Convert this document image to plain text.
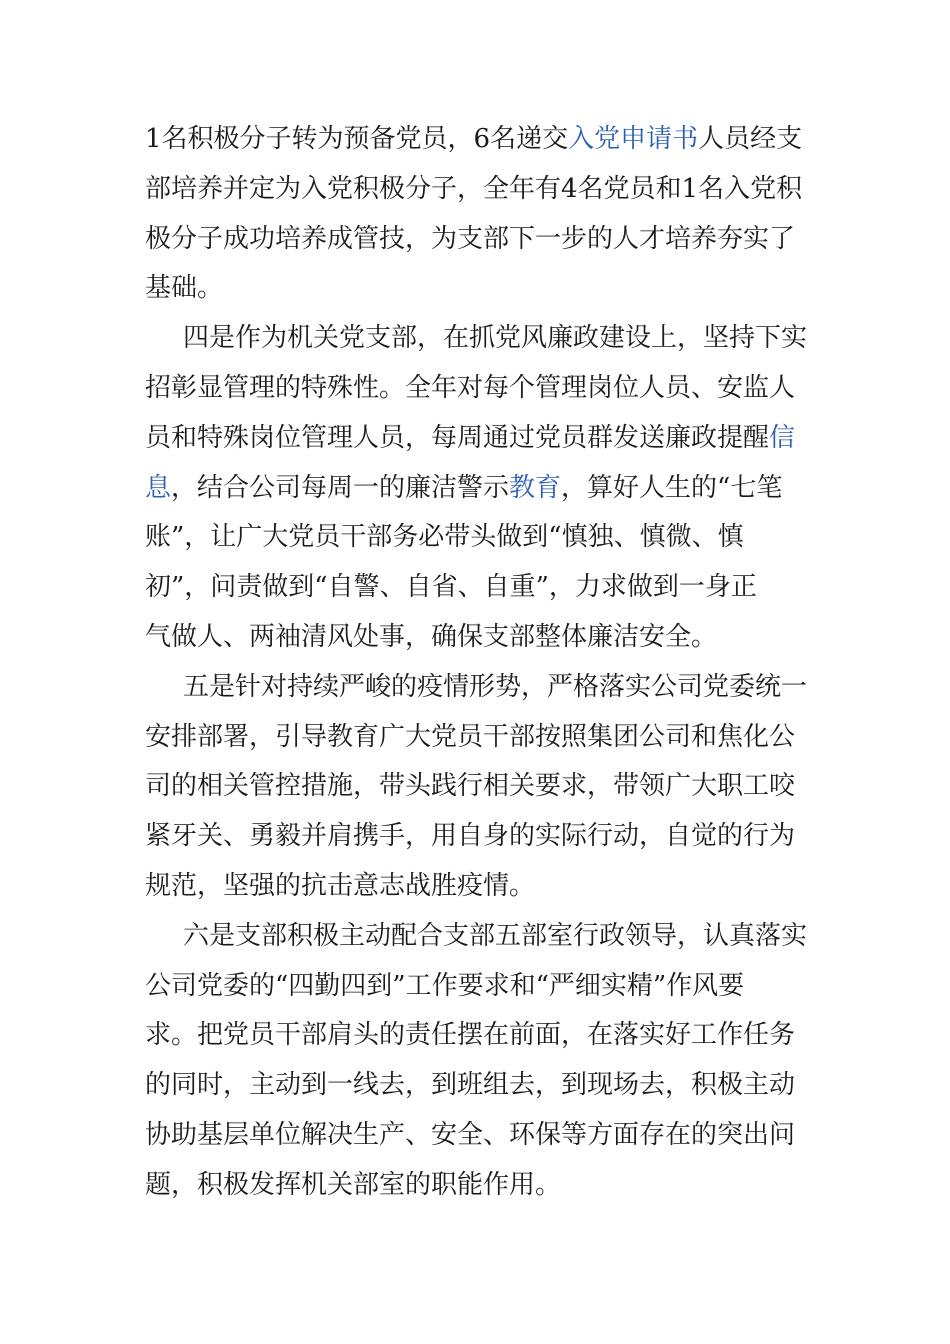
1名积极分子转为预备党员，6名递交入党申请书人员经支
部培养并定为入党积极分子，全年有4名党员和1名入党积
极分子成功培养成管技，为支部下一步的人才培养夯实了
基础。
四是作为机关党支部，在抓党风廉政建设上，坚持下实
招彰显管理的特殊性。全年对每个管理岗位人员、安监人
员和特殊岗位管理人员，每周通过党员群发送廉政提醒信
息，结合公司每周一的廉洁警示教育，算好人生的“七笔
账”，让广大党员干部务必带头做到“慎独、慎微、慎
初”，问责做到“自警、自省、自重”，力求做到一身正
气做人、两袖清风处事，确保支部整体廉洁安全。
五是针对持续严峻的疫情形势，严格落实公司党委统一
安排部署，引导教育广大党员干部按照集团公司和焦化公
司的相关管控措施，带头践行相关要求，带领广大职工咬
紧牙关、勇毅并肩携手，用自身的实际行动，自觉的行为
规范，坚强的抗击意志战胜疫情。
六是支部积极主动配合支部五部室行政领导，认真落实
公司党委的“四勤四到”工作要求和“严细实精”作风要
求。把党员干部肩头的责任摆在前面，在落实好工作任务
的同时，主动到一线去，到班组去，到现场去，积极主动
协助基层单位解决生产、安全、环保等方面存在的突出问
题，积极发挥机关部室的职能作用。
